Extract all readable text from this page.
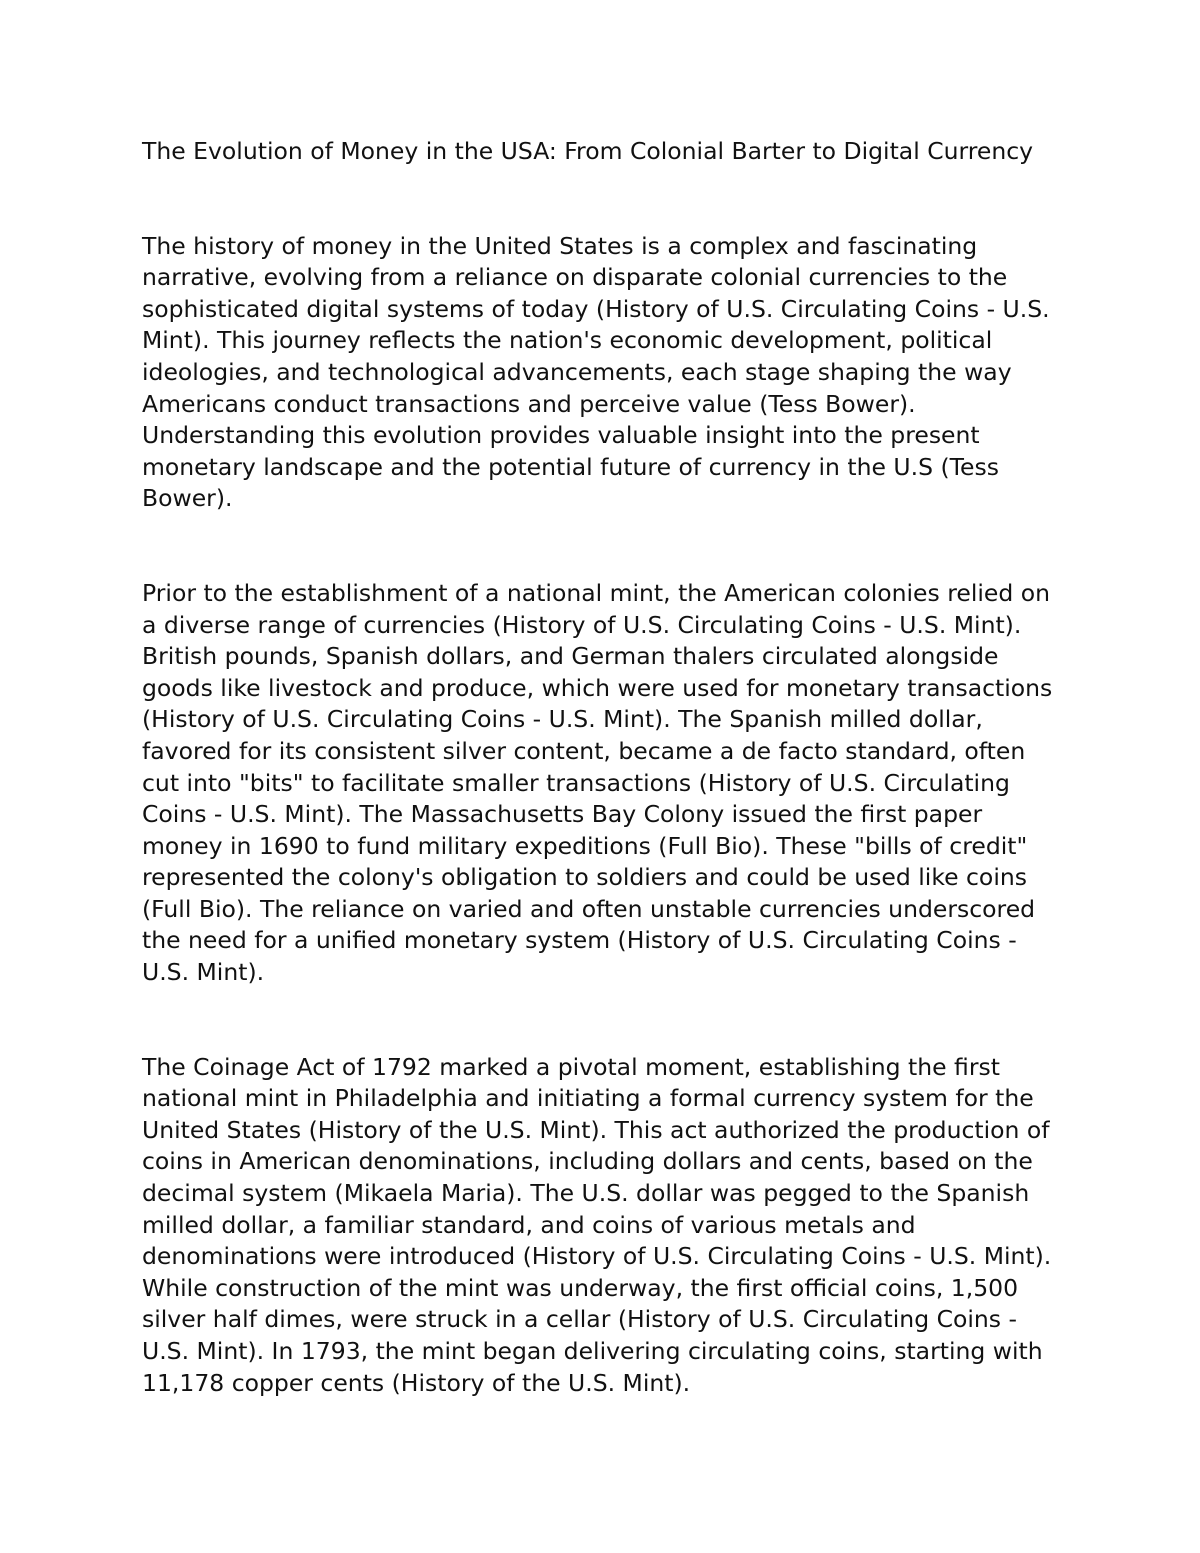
The Evolution of Money in the USA: From Colonial Barter to Digital Currency
The history of money in the United States is a complex and fascinating
narrative, evolving from a reliance on disparate colonial currencies to the
sophisticated digital systems of today (History of U.S. Circulating Coins - U.S.
Mint). This journey reflects the nation's economic development, political
ideologies, and technological advancements, each stage shaping the way
Americans conduct transactions and perceive value (Tess Bower).
Understanding this evolution provides valuable insight into the present
monetary landscape and the potential future of currency in the U.S (Tess
Bower).
Prior to the establishment of a national mint, the American colonies relied on
a diverse range of currencies (History of U.S. Circulating Coins - U.S. Mint).
British pounds, Spanish dollars, and German thalers circulated alongside
goods like livestock and produce, which were used for monetary transactions
(History of U.S. Circulating Coins - U.S. Mint). The Spanish milled dollar,
favored for its consistent silver content, became a de facto standard, often
cut into "bits" to facilitate smaller transactions (History of U.S. Circulating
Coins - U.S. Mint). The Massachusetts Bay Colony issued the first paper
money in 1690 to fund military expeditions (Full Bio). These "bills of credit"
represented the colony's obligation to soldiers and could be used like coins
(Full Bio). The reliance on varied and often unstable currencies underscored
the need for a unified monetary system (History of U.S. Circulating Coins -
U.S. Mint).
The Coinage Act of 1792 marked a pivotal moment, establishing the first
national mint in Philadelphia and initiating a formal currency system for the
United States (History of the U.S. Mint). This act authorized the production of
coins in American denominations, including dollars and cents, based on the
decimal system (Mikaela Maria). The U.S. dollar was pegged to the Spanish
milled dollar, a familiar standard, and coins of various metals and
denominations were introduced (History of U.S. Circulating Coins - U.S. Mint).
While construction of the mint was underway, the first official coins, 1,500
silver half dimes, were struck in a cellar (History of U.S. Circulating Coins -
U.S. Mint). In 1793, the mint began delivering circulating coins, starting with
11,178 copper cents (History of the U.S. Mint).
